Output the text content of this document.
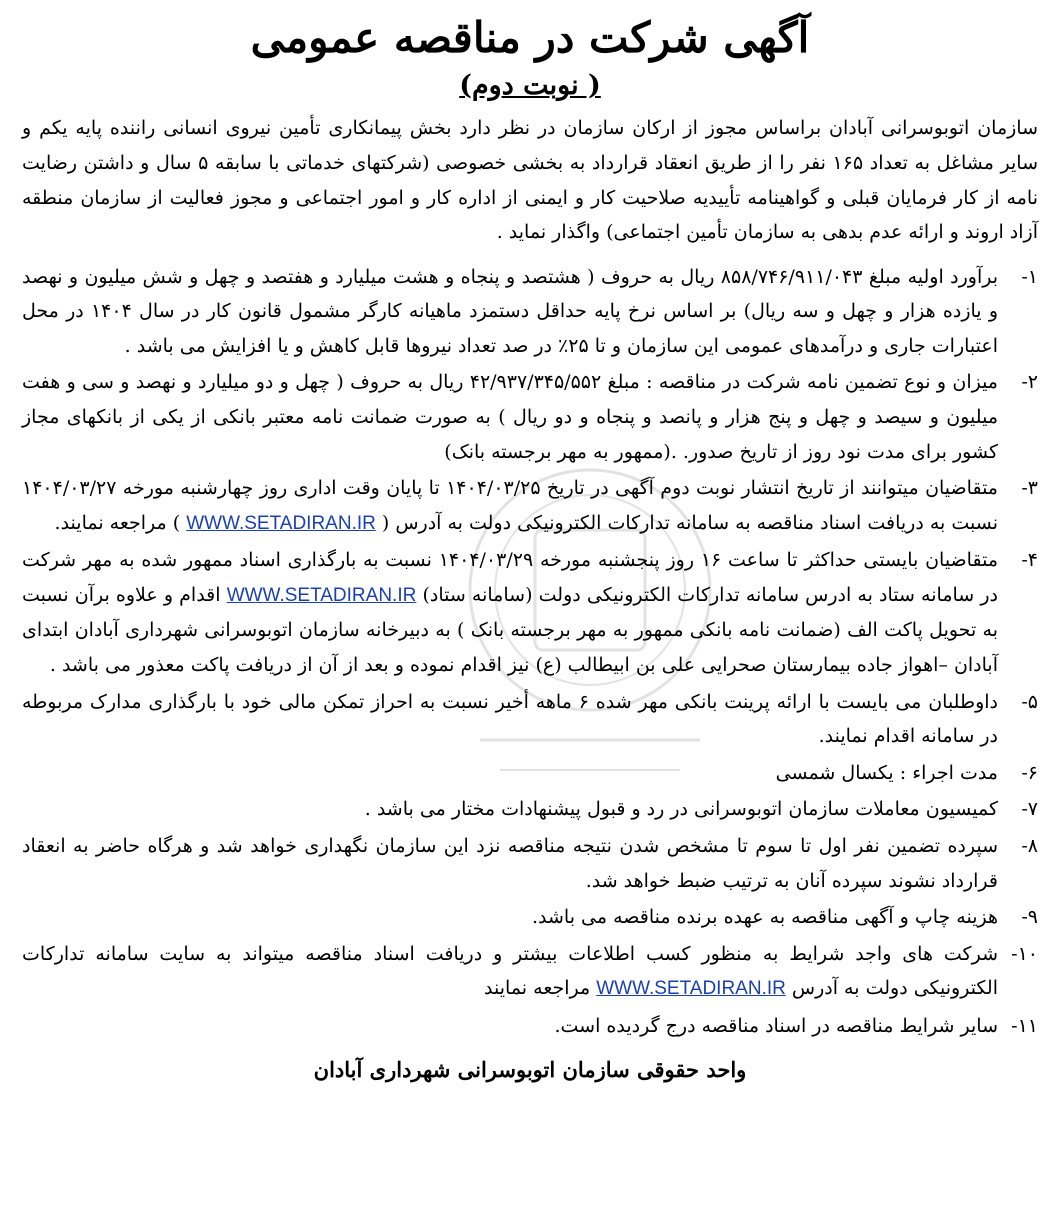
آگهی شرکت در مناقصه عمومی
( نوبت دوم)
سازمان اتوبوسرانی آبادان براساس مجوز از ارکان سازمان در نظر دارد بخش پیمانکاری تأمین نیروی انسانی راننده پایه یکم و سایر مشاغل به تعداد ۱۶۵ نفر را از طریق انعقاد قرارداد به بخشی خصوصی (شرکتهای خدماتی با سابقه ۵ سال و داشتن رضایت نامه از کار فرمایان قبلی و گواهینامه تأییدیه صلاحیت کار و ایمنی از اداره کار و امور اجتماعی و مجوز فعالیت از سازمان منطقه آزاد اروند و ارائه عدم بدهی به سازمان تأمین اجتماعی) واگذار نماید .
۱-
برآورد اولیه مبلغ ۸۵۸/۷۴۶/۹۱۱/۰۴۳ ریال به حروف ( هشتصد و پنجاه و هشت میلیارد و هفتصد و چهل و شش میلیون و نهصد و یازده هزار و چهل و سه ریال) بر اساس نرخ پایه حداقل دستمزد ماهیانه کارگر مشمول قانون کار در سال ۱۴۰۴ در محل اعتبارات جاری و درآمدهای عمومی این سازمان و تا ۲۵٪ در صد تعداد نیروها قابل کاهش و یا افزایش می باشد .
۲-
میزان و نوع تضمین نامه شرکت در مناقصه : مبلغ ۴۲/۹۳۷/۳۴۵/۵۵۲ ریال به حروف ( چهل و دو میلیارد و نهصد و سی و هفت میلیون و سیصد و چهل و پنج هزار و پانصد و پنجاه و دو ریال ) به صورت ضمانت نامه معتبر بانکی از یکی از بانکهای مجاز کشور برای مدت نود روز از تاریخ صدور. .(ممهور به مهر برجسته بانک)
۳-
متقاضیان میتوانند از تاریخ انتشار نوبت دوم آگهی در تاریخ ۱۴۰۴/۰۳/۲۵ تا پایان وقت اداری روز چهارشنبه مورخه ۱۴۰۴/۰۳/۲۷ نسبت به دریافت اسناد مناقصه به سامانه تدارکات الکترونیکی دولت به آدرس ( WWW.SETADIRAN.IR ) مراجعه نمایند.
۴-
متقاضیان بایستی حداکثر تا ساعت ۱۶ روز پنجشنبه مورخه ۱۴۰۴/۰۳/۲۹ نسبت به بارگذاری اسناد ممهور شده به مهر شرکت در سامانه ستاد به ادرس سامانه تدارکات الکترونیکی دولت (سامانه ستاد) WWW.SETADIRAN.IR اقدام و علاوه برآن نسبت به تحویل پاکت الف (ضمانت نامه بانکی ممهور به مهر برجسته بانک ) به دبیرخانه سازمان اتوبوسرانی شهرداری آبادان ابتدای آبادان –اهواز جاده بیمارستان صحرایی علی بن ابیطالب (ع) نیز اقدام نموده و بعد از آن از دریافت پاکت معذور می باشد .
۵-
داوطلبان می بایست با ارائه پرینت بانکی مهر شده ۶ ماهه أخیر نسبت به احراز تمکن مالی خود با بارگذاری مدارک مربوطه در سامانه اقدام نمایند.
۶-
مدت اجراء : یکسال شمسی
۷-
کمیسیون معاملات سازمان اتوبوسرانی در رد و قبول پیشنهادات مختار می باشد .
۸-
سپرده تضمین نفر اول تا سوم تا مشخص شدن نتیجه مناقصه نزد این سازمان نگهداری خواهد شد و هرگاه حاضر به انعقاد قرارداد نشوند سپرده آنان به ترتیب ضبط خواهد شد.
۹-
هزینه چاپ و آگهی مناقصه به عهده برنده مناقصه می باشد.
۱۰-
شرکت های واجد شرایط به منظور کسب اطلاعات بیشتر و دریافت اسناد مناقصه میتواند به سایت سامانه تدارکات الکترونیکی دولت به آدرس WWW.SETADIRAN.IR مراجعه نمایند
۱۱-
سایر شرایط مناقصه در اسناد مناقصه درج گردیده است.
واحد حقوقی سازمان اتوبوسرانی شهرداری آبادان
